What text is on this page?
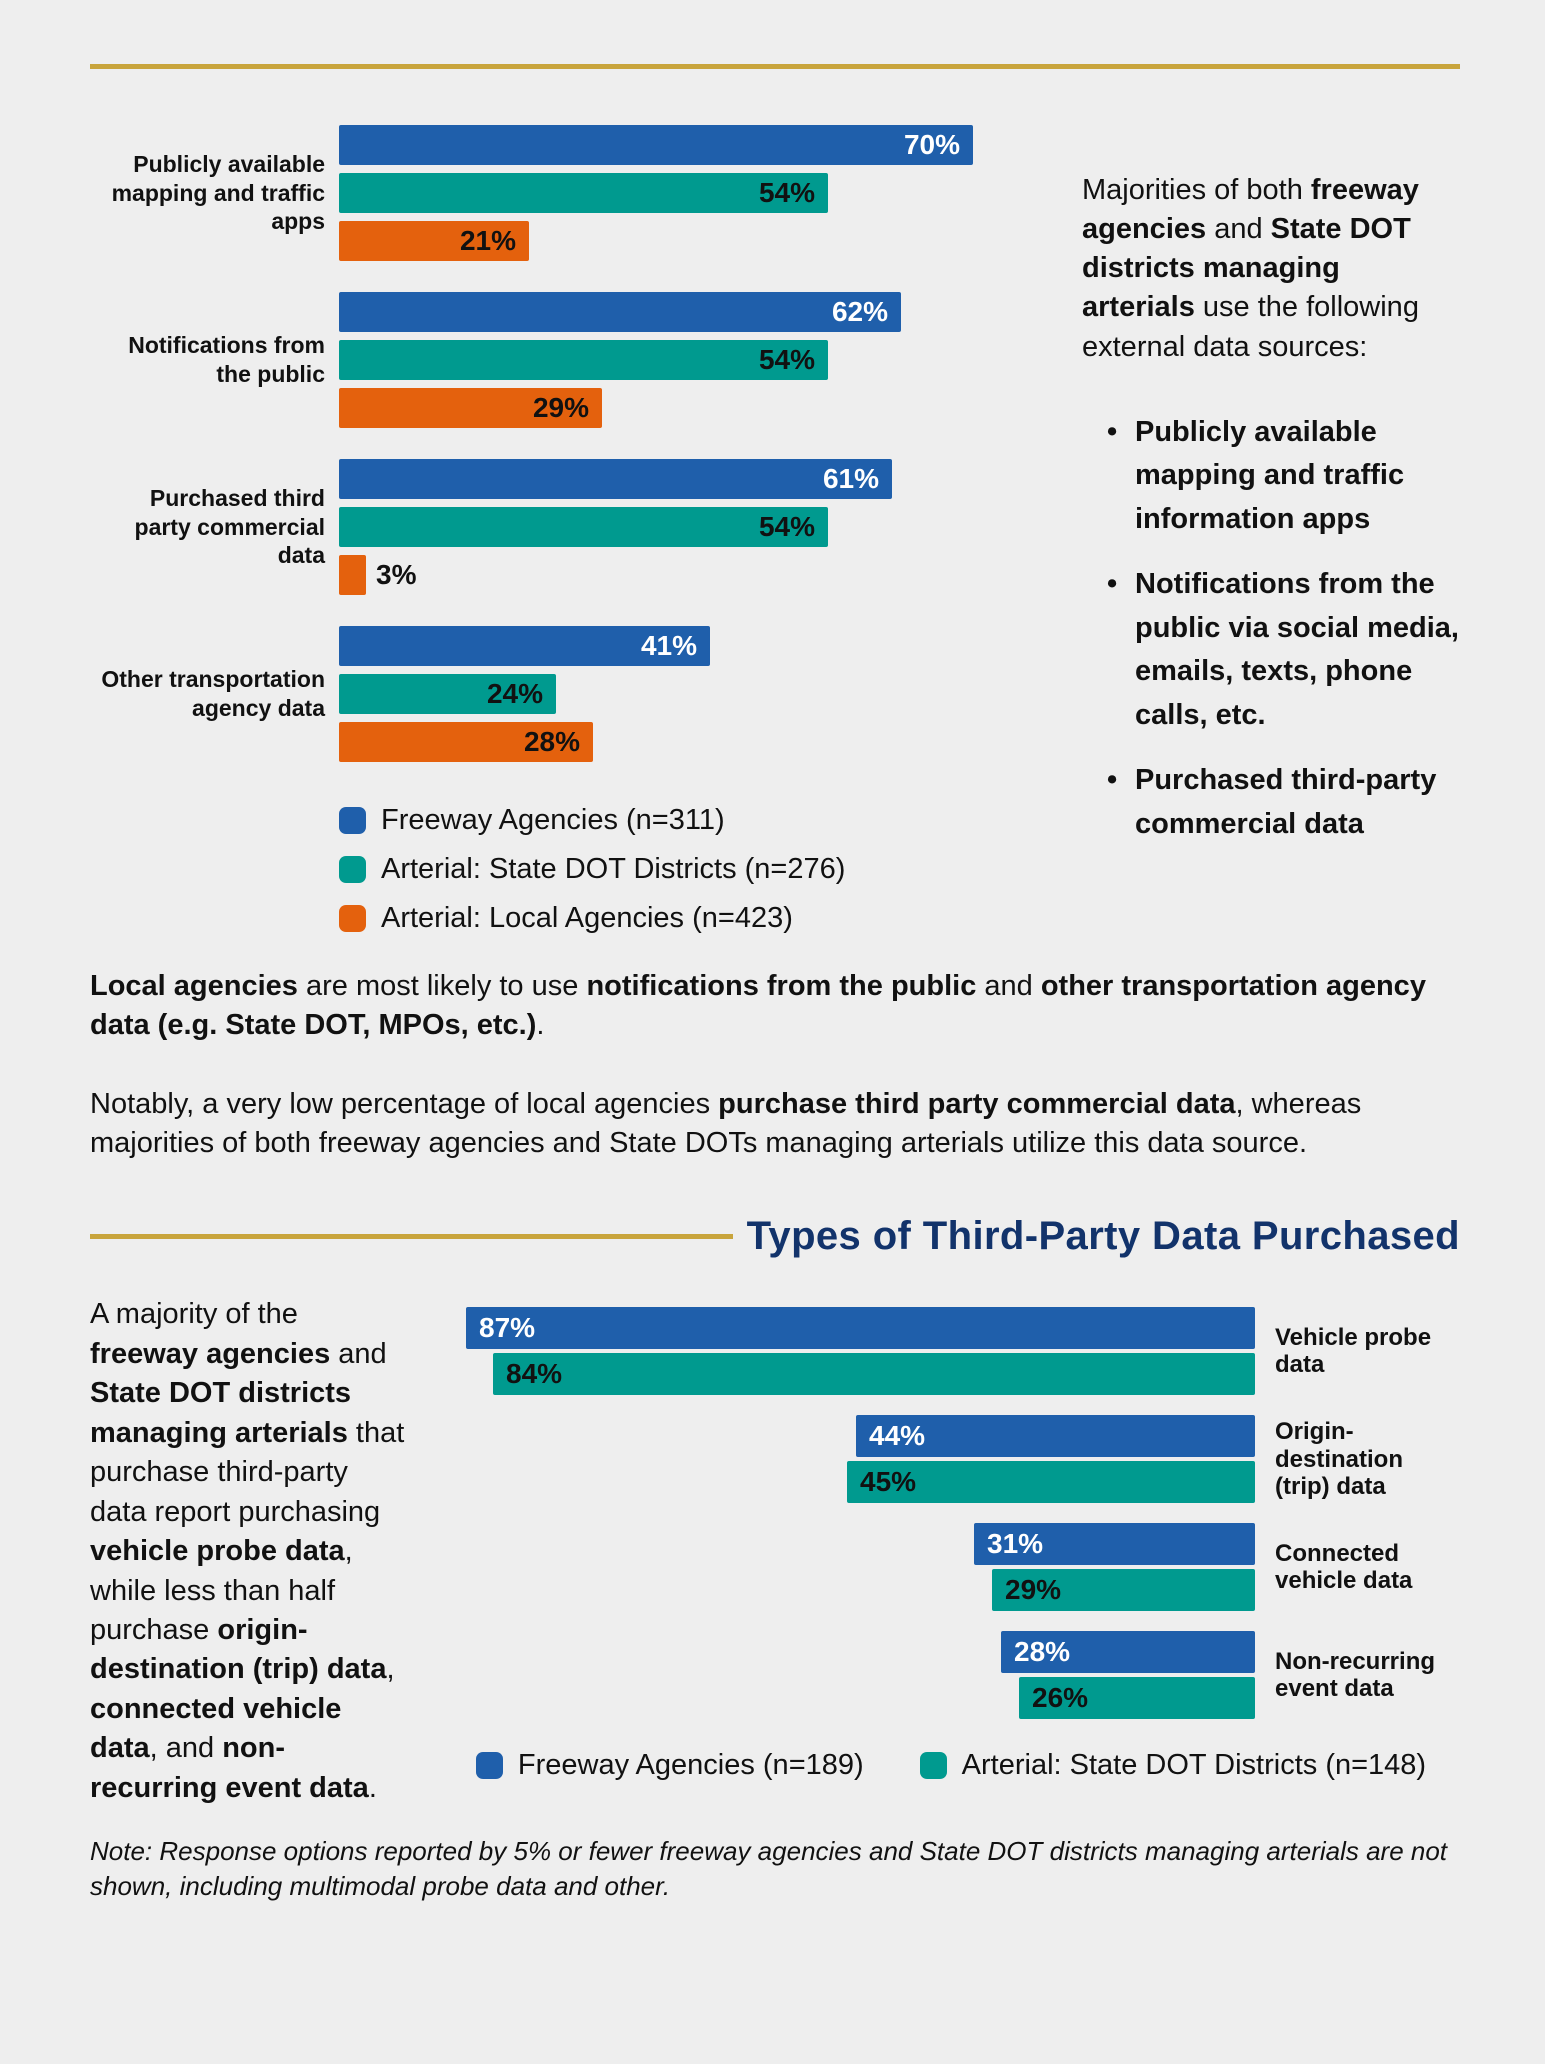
Publicly available mapping and traffic apps
70%
54%
21%
Notifications from the public
62%
54%
29%
Purchased third party commercial data
61%
54%
3%
Other transportation agency data
41%
24%
28%
Freeway Agencies (n=311)
Arterial: State DOT Districts (n=276)
Arterial: Local Agencies (n=423)
Majorities of both freeway agencies and State DOT districts managing arterials use the following external data sources:
• Publicly available mapping and traffic information apps
• Notifications from the public via social media, emails, texts, phone calls, etc.
• Purchased third-party commercial data

Local agencies are most likely to use notifications from the public and other transportation agency data (e.g. State DOT, MPOs, etc.).

Notably, a very low percentage of local agencies purchase third party commercial data, whereas majorities of both freeway agencies and State DOTs managing arterials utilize this data source.

Types of Third-Party Data Purchased
A majority of the freeway agencies and State DOT districts managing arterials that purchase third-party data report purchasing vehicle probe data, while less than half purchase origin-destination (trip) data, connected vehicle data, and non-recurring event data.
87%
84%
Vehicle probe data
44%
45%
Origin-destination (trip) data
31%
29%
Connected vehicle data
28%
26%
Non-recurring event data
Freeway Agencies (n=189)	Arterial: State DOT Districts (n=148)

Note: Response options reported by 5% or fewer freeway agencies and State DOT districts managing arterials are not shown, including multimodal probe data and other.
